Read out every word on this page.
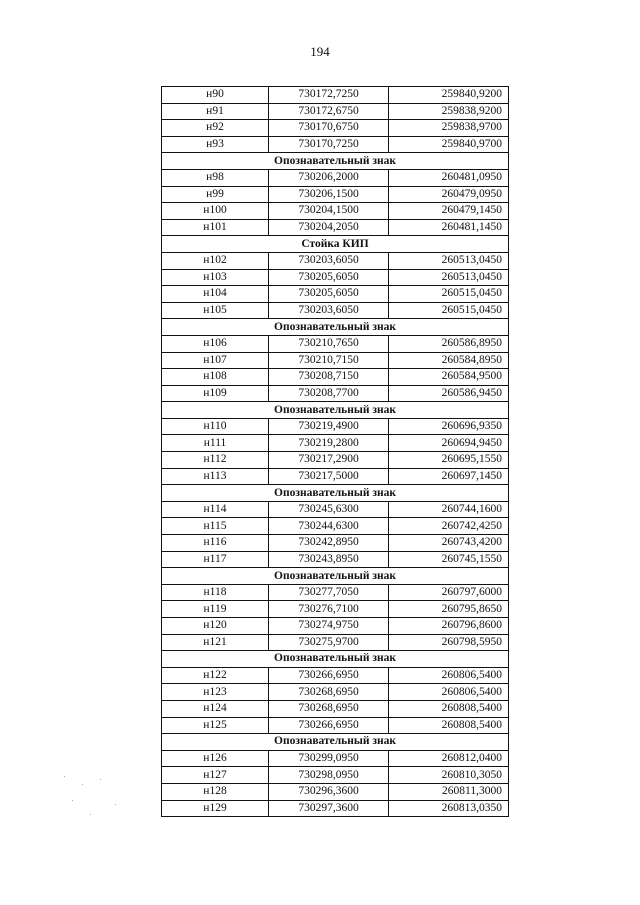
194
н90	730172,7250	259840,9200
н91	730172,6750	259838,9200
н92	730170,6750	259838,9700
н93	730170,7250	259840,9700
Опознавательный знак		
н98	730206,2000	260481,0950
н99	730206,1500	260479,0950
н100	730204,1500	260479,1450
н101	730204,2050	260481,1450
Стойка КИП		
н102	730203,6050	260513,0450
н103	730205,6050	260513,0450
н104	730205,6050	260515,0450
н105	730203,6050	260515,0450
Опознавательный знак		
н106	730210,7650	260586,8950
н107	730210,7150	260584,8950
н108	730208,7150	260584,9500
н109	730208,7700	260586,9450
Опознавательный знак		
н110	730219,4900	260696,9350
н111	730219,2800	260694,9450
н112	730217,2900	260695,1550
н113	730217,5000	260697,1450
Опознавательный знак		
н114	730245,6300	260744,1600
н115	730244,6300	260742,4250
н116	730242,8950	260743,4200
н117	730243,8950	260745,1550
Опознавательный знак		
н118	730277,7050	260797,6000
н119	730276,7100	260795,8650
н120	730274,9750	260796,8600
н121	730275,9700	260798,5950
Опознавательный знак		
н122	730266,6950	260806,5400
н123	730268,6950	260806,5400
н124	730268,6950	260808,5400
н125	730266,6950	260808,5400
Опознавательный знак		
н126	730299,0950	260812,0400
н127	730298,0950	260810,3050
н128	730296,3600	260811,3000
н129	730297,3600	260813,0350
